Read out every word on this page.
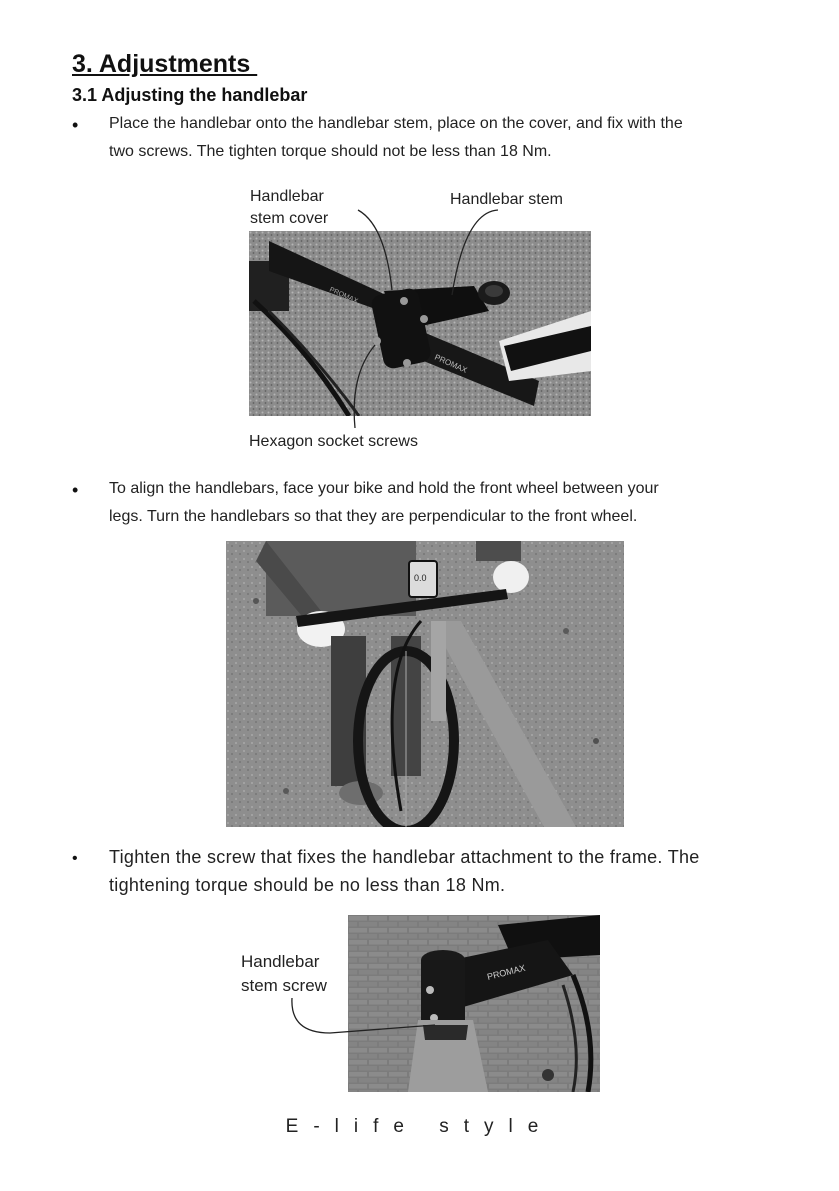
3. Adjustments
3.1 Adjusting the handlebar
• Place the handlebar onto the handlebar stem, place on the cover, and fix with the
two screws. The tighten torque should not be less than 18 Nm.
Handlebar
stem cover
Handlebar stem
PROMAX
PROMAX
Hexagon socket screws
• To align the handlebars, face your bike and hold the front wheel between your
legs. Turn the handlebars so that they are perpendicular to the front wheel.
0.0
• Tighten the screw that fixes the handlebar attachment to the frame. The
tightening torque should be no less than 18 Nm.
Handlebar
stem screw
PROMAX
E-life style
